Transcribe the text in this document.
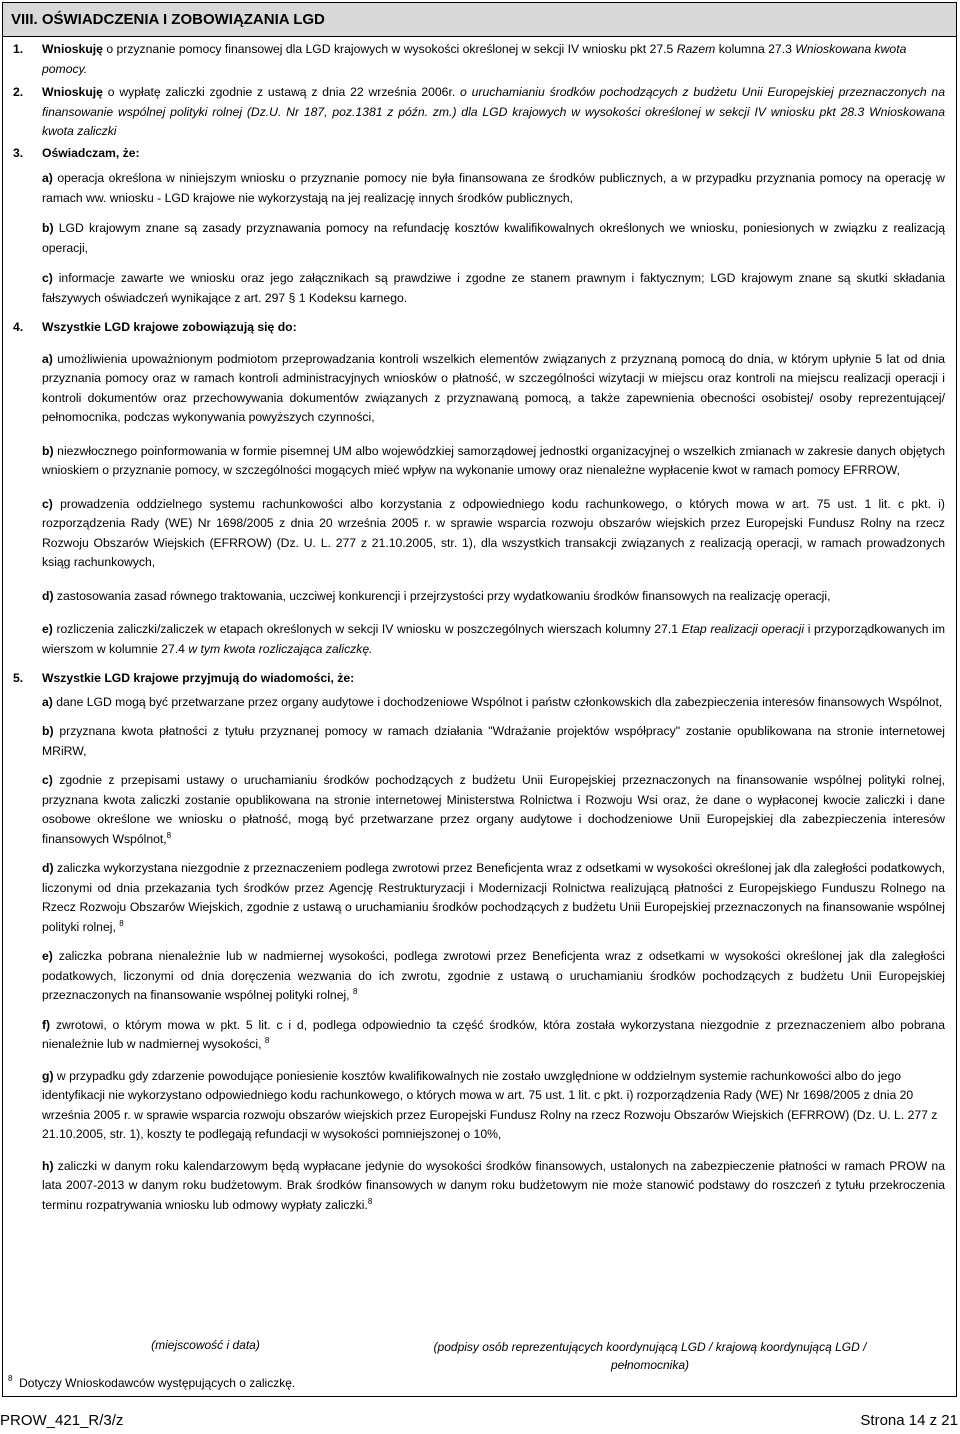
VIII. OŚWIADCZENIA I ZOBOWIĄZANIA LGD
1. Wnioskuję o przyznanie pomocy finansowej dla LGD krajowych w wysokości określonej w sekcji IV wniosku pkt 27.5 Razem kolumna 27.3 Wnioskowana kwota pomocy.

2. Wnioskuję o wypłatę zaliczki zgodnie z ustawą z dnia 22 września 2006r. o uruchamianiu środków pochodzących z budżetu Unii Europejskiej przeznaczonych na finansowanie wspólnej polityki rolnej (Dz.U. Nr 187, poz.1381 z późn. zm.) dla LGD krajowych w wysokości określonej w sekcji IV wniosku pkt 28.3 Wnioskowana kwota zaliczki

3. Oświadczam, że:

a) operacja określona w niniejszym wniosku o przyznanie pomocy nie była finansowana ze środków publicznych, a w przypadku przyznania pomocy na operację w ramach ww. wniosku - LGD krajowe nie wykorzystają na jej realizację innych środków publicznych,

b) LGD krajowym znane są zasady przyznawania pomocy na refundację kosztów kwalifikowalnych określonych we wniosku, poniesionych w związku z realizacją operacji,

c) informacje zawarte we wniosku oraz jego załącznikach są prawdziwe i zgodne ze stanem prawnym i faktycznym; LGD krajowym znane są skutki składania fałszywych oświadczeń wynikające z art. 297 § 1 Kodeksu karnego.

4. Wszystkie LGD krajowe zobowiązują się do:

a) umożliwienia upoważnionym podmiotom przeprowadzania kontroli wszelkich elementów związanych z przyznaną pomocą do dnia, w którym upłynie 5 lat od dnia przyznania pomocy oraz w ramach kontroli administracyjnych wniosków o płatność, w szczególności wizytacji w miejscu oraz kontroli na miejscu realizacji operacji i kontroli dokumentów oraz przechowywania dokumentów związanych z przyznawaną pomocą, a także zapewnienia obecności osobistej/ osoby reprezentującej/ pełnomocnika, podczas wykonywania powyższych czynności,

b) niezwłocznego poinformowania w formie pisemnej UM albo wojewódzkiej samorządowej jednostki organizacyjnej o wszelkich zmianach w zakresie danych objętych wnioskiem o przyznanie pomocy, w szczególności mogących mieć wpływ na wykonanie umowy oraz nienależne wypłacenie kwot w ramach pomocy EFRROW,

c) prowadzenia oddzielnego systemu rachunkowości albo korzystania z odpowiedniego kodu rachunkowego, o których mowa w art. 75 ust. 1 lit. c pkt. i) rozporządzenia Rady (WE) Nr 1698/2005 z dnia 20 września 2005 r. w sprawie wsparcia rozwoju obszarów wiejskich przez Europejski Fundusz Rolny na rzecz Rozwoju Obszarów Wiejskich (EFRROW) (Dz. U. L. 277 z 21.10.2005, str. 1), dla wszystkich transakcji związanych z realizacją operacji, w ramach prowadzonych ksiąg rachunkowych,

d) zastosowania zasad równego traktowania, uczciwej konkurencji i przejrzystości przy wydatkowaniu środków finansowych na realizację operacji,

e) rozliczenia zaliczki/zaliczek w etapach określonych w sekcji IV wniosku w poszczególnych wierszach kolumny 27.1 Etap realizacji operacji i przyporządkowanych im wierszom w kolumnie 27.4 w tym kwota rozliczająca zaliczkę.

5. Wszystkie LGD krajowe przyjmują do wiadomości, że:

a) dane LGD mogą być przetwarzane przez organy audytowe i dochodzeniowe Wspólnot i państw członkowskich dla zabezpieczenia interesów finansowych Wspólnot,

b) przyznana kwota płatności z tytułu przyznanej pomocy w ramach działania "Wdrażanie projektów współpracy" zostanie opublikowana na stronie internetowej MRiRW,

c) zgodnie z przepisami ustawy o uruchamianiu środków pochodzących z budżetu Unii Europejskiej przeznaczonych na finansowanie wspólnej polityki rolnej, przyznana kwota zaliczki zostanie opublikowana na stronie internetowej Ministerstwa Rolnictwa i Rozwoju Wsi oraz, że dane o wypłaconej kwocie zaliczki i dane osobowe określone we wniosku o płatność, mogą być przetwarzane przez organy audytowe i dochodzeniowe Unii Europejskiej dla zabezpieczenia interesów finansowych Wspólnot,$^8$

d) zaliczka wykorzystana niezgodnie z przeznaczeniem podlega zwrotowi przez Beneficjenta wraz z odsetkami w wysokości określonej jak dla zaległości podatkowych, liczonymi od dnia przekazania tych środków przez Agencję Restrukturyzacji i Modernizacji Rolnictwa realizującą płatności z Europejskiego Funduszu Rolnego na Rzecz Rozwoju Obszarów Wiejskich, zgodnie z ustawą o uruchamianiu środków pochodzących z budżetu Unii Europejskiej przeznaczonych na finansowanie wspólnej polityki rolnej, $^8$

e) zaliczka pobrana nienależnie lub w nadmiernej wysokości, podlega zwrotowi przez Beneficjenta wraz z odsetkami w wysokości określonej jak dla zaległości podatkowych, liczonymi od dnia doręczenia wezwania do ich zwrotu, zgodnie z ustawą o uruchamianiu środków pochodzących z budżetu Unii Europejskiej przeznaczonych na finansowanie wspólnej polityki rolnej, $^8$

f) zwrotowi, o którym mowa w pkt. 5 lit. c i d, podlega odpowiednio ta część środków, która została wykorzystana niezgodnie z przeznaczeniem albo pobrana nienależnie lub w nadmiernej wysokości, $^8$

g) w przypadku gdy zdarzenie powodujące poniesienie kosztów kwalifikowalnych nie zostało uwzględnione w oddzielnym systemie rachunkowości albo do jego identyfikacji nie wykorzystano odpowiedniego kodu rachunkowego, o których mowa w art. 75 ust. 1 lit. c pkt. i) rozporządzenia Rady (WE) Nr 1698/2005 z dnia 20 września 2005 r. w sprawie wsparcia rozwoju obszarów wiejskich przez Europejski Fundusz Rolny na rzecz Rozwoju Obszarów Wiejskich (EFRROW) (Dz. U. L. 277 z 21.10.2005, str. 1), koszty te podlegają refundacji w wysokości pomniejszonej o 10%,

h) zaliczki w danym roku kalendarzowym będą wypłacane jedynie do wysokości środków finansowych, ustalonych na zabezpieczenie płatności w ramach PROW na lata 2007-2013 w danym roku budżetowym. Brak środków finansowych w danym roku budżetowym nie może stanowić podstawy do roszczeń z tytułu przekroczenia terminu rozpatrywania wniosku lub odmowy wypłaty zaliczki.$^8$

(miejscowość i data)	(podpisy osób reprezentujących koordynującą LGD / krajową koordynującą LGD / pełnomocnika)
$^8$ Dotyczy Wnioskodawców występujących o zaliczkę.
PROW_421_R/3/z	Strona 14 z 21
